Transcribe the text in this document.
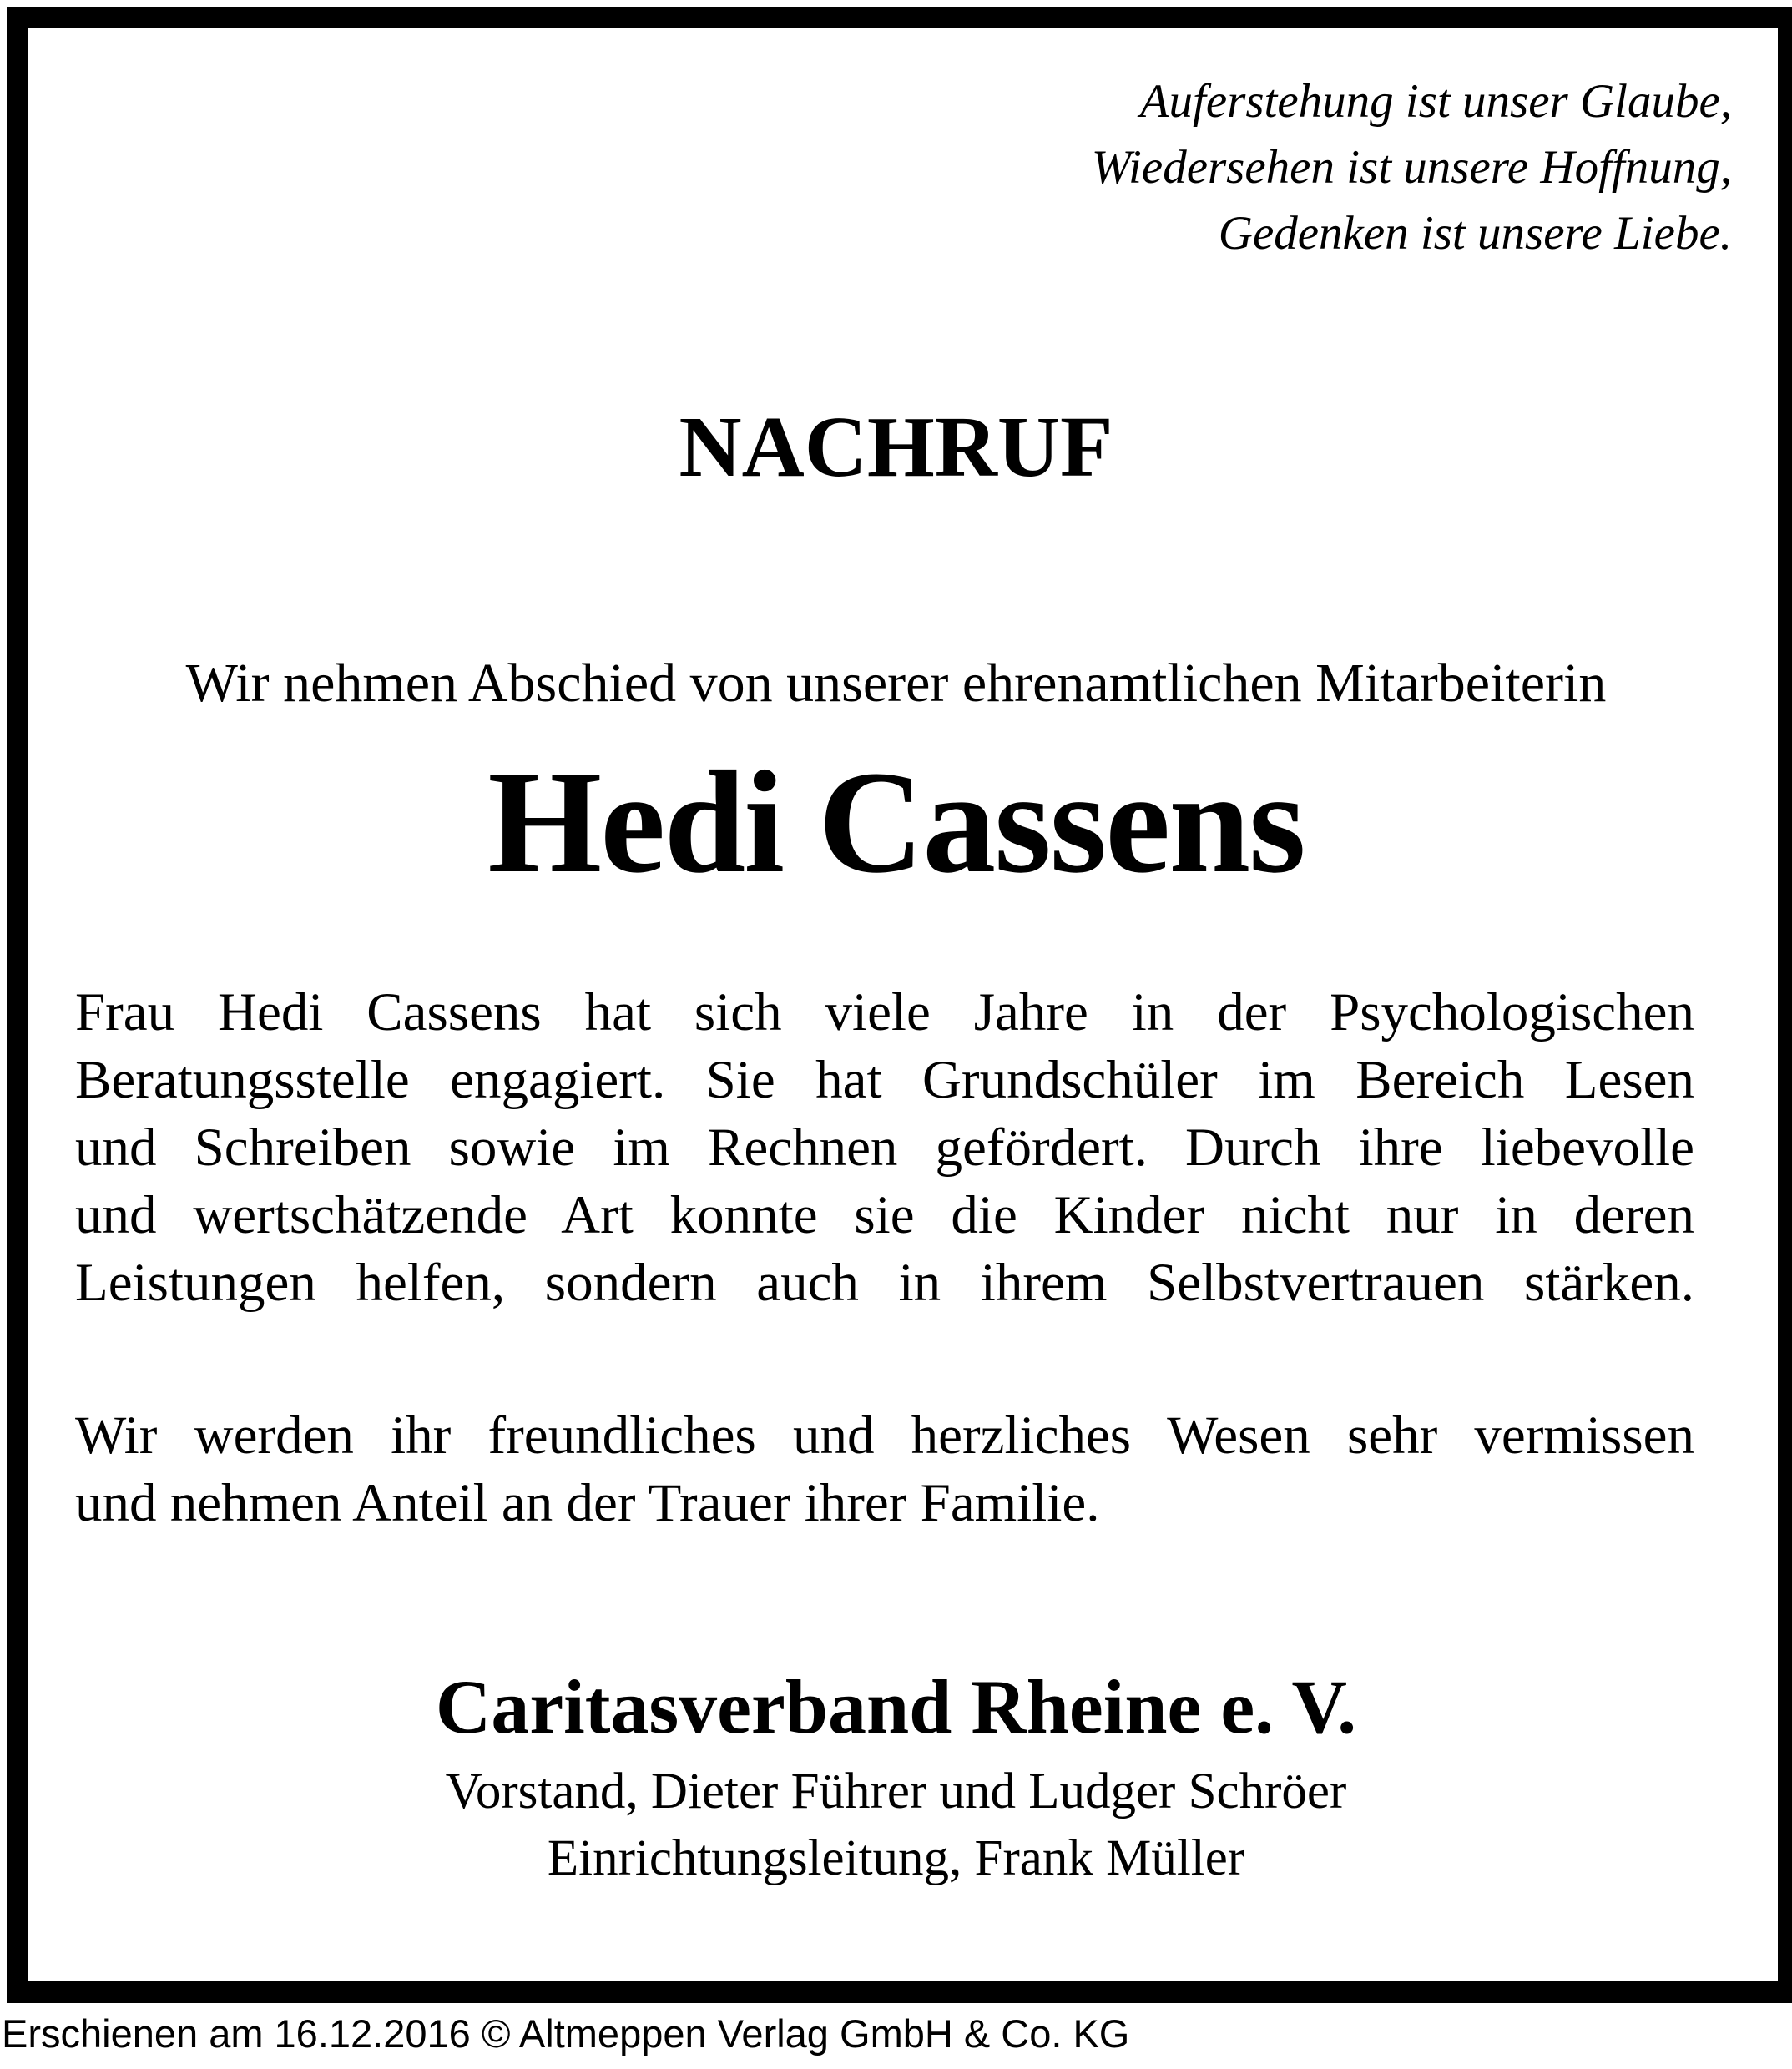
Auferstehung ist unser Glaube,
Wiedersehen ist unsere Hoffnung,
Gedenken ist unsere Liebe.
NACHRUF
Wir nehmen Abschied von unserer ehrenamtlichen Mitarbeiterin
Hedi Cassens
Frau Hedi Cassens hat sich viele Jahre in der Psychologischen
Beratungsstelle engagiert. Sie hat Grundschüler im Bereich Lesen
und Schreiben sowie im Rechnen gefördert. Durch ihre liebevolle
und wertschätzende Art konnte sie die Kinder nicht nur in deren
Leistungen helfen, sondern auch in ihrem Selbstvertrauen stärken.
Wir werden ihr freundliches und herzliches Wesen sehr vermissen
und nehmen Anteil an der Trauer ihrer Familie.
Caritasverband Rheine e. V.
Vorstand, Dieter Führer und Ludger Schröer
Einrichtungsleitung, Frank Müller
Erschienen am 16.12.2016 © Altmeppen Verlag GmbH & Co. KG
